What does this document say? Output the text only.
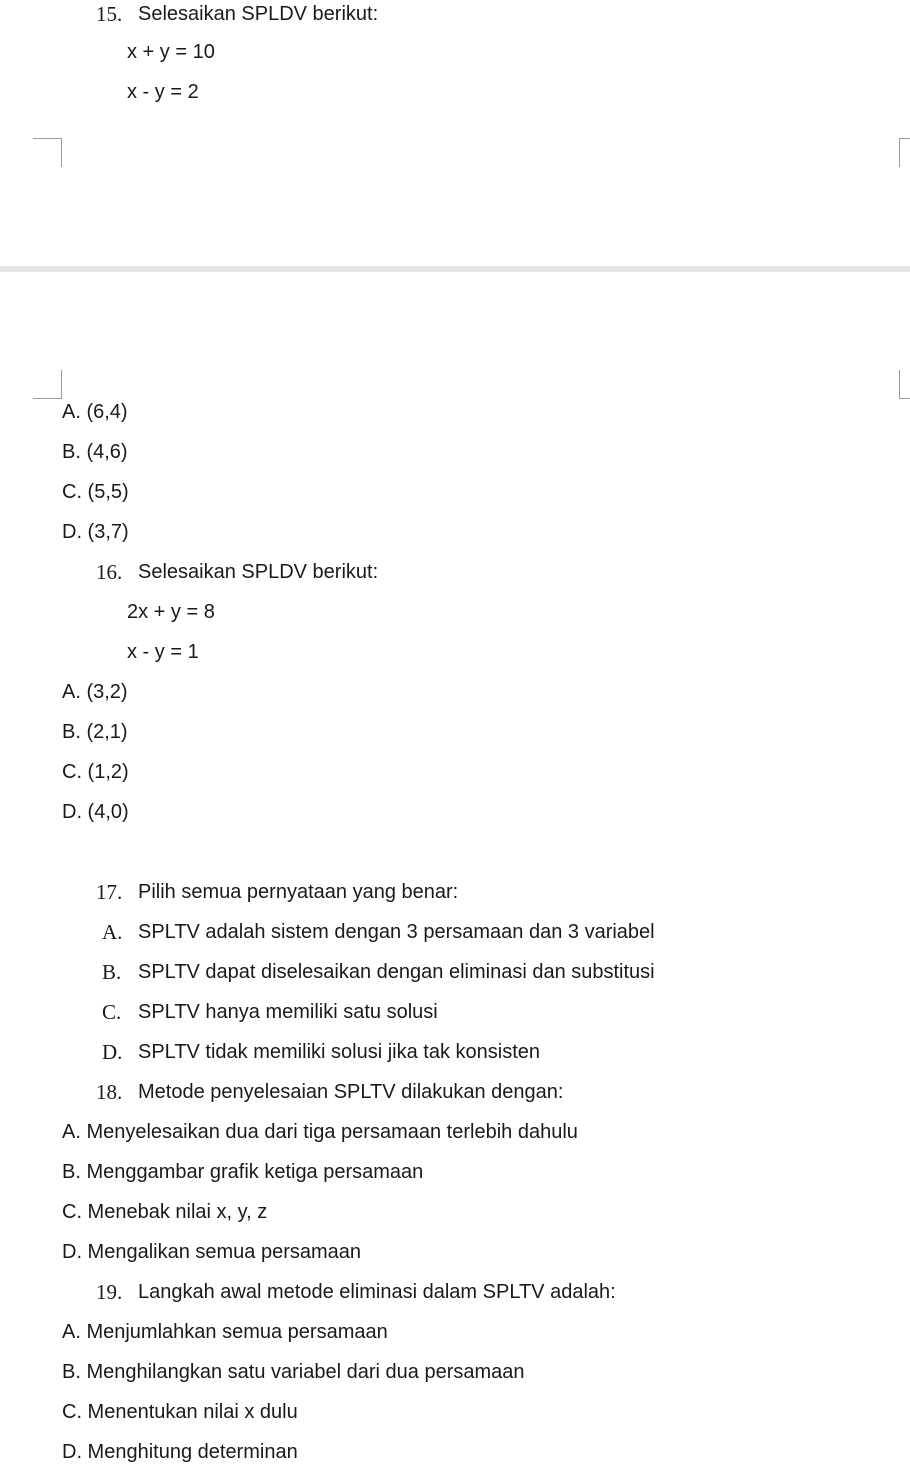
15. Selesaikan SPLDV berikut:
x + y = 10
x - y = 2
A. (6,4)
B. (4,6)
C. (5,5)
D. (3,7)
16. Selesaikan SPLDV berikut:
2x + y = 8
x - y = 1
A. (3,2)
B. (2,1)
C. (1,2)
D. (4,0)
17. Pilih semua pernyataan yang benar:
A. SPLTV adalah sistem dengan 3 persamaan dan 3 variabel
B. SPLTV dapat diselesaikan dengan eliminasi dan substitusi
C. SPLTV hanya memiliki satu solusi
D. SPLTV tidak memiliki solusi jika tak konsisten
18. Metode penyelesaian SPLTV dilakukan dengan:
A. Menyelesaikan dua dari tiga persamaan terlebih dahulu
B. Menggambar grafik ketiga persamaan
C. Menebak nilai x, y, z
D. Mengalikan semua persamaan
19. Langkah awal metode eliminasi dalam SPLTV adalah:
A. Menjumlahkan semua persamaan
B. Menghilangkan satu variabel dari dua persamaan
C. Menentukan nilai x dulu
D. Menghitung determinan
